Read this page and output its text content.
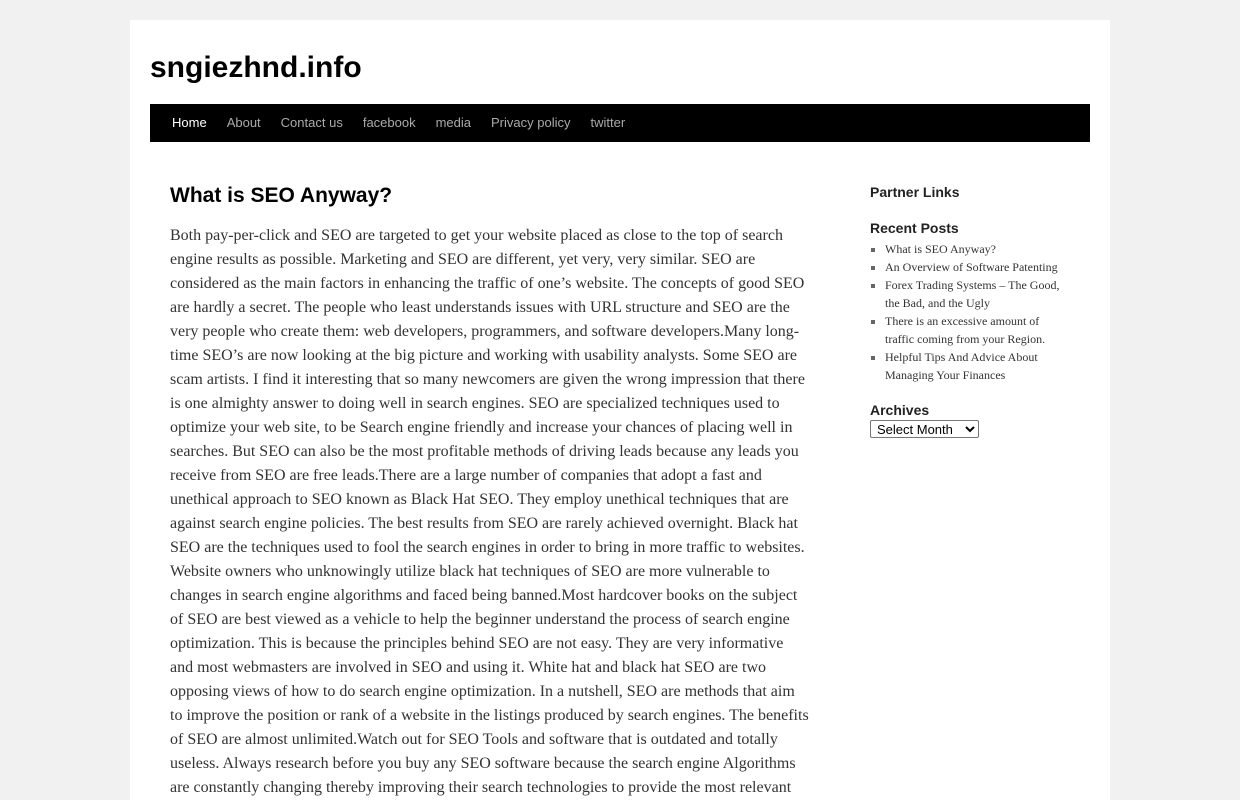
sngiezhnd.info
Home	About	Contact us	facebook	media	Privacy policy	twitter
What is SEO Anyway?

Both pay-per-click and SEO are targeted to get your website placed as close to the top of search engine results as possible. Marketing and SEO are different, yet very, very similar. SEO are considered as the main factors in enhancing the traffic of one’s website. The concepts of good SEO are hardly a secret. The people who least understands issues with URL structure and SEO are the very people who create them: web developers, programmers, and software developers.Many long-time SEO’s are now looking at the big picture and working with usability analysts. Some SEO are scam artists. I find it interesting that so many newcomers are given the wrong impression that there is one almighty answer to doing well in search engines. SEO are specialized techniques used to optimize your web site, to be Search engine friendly and increase your chances of placing well in searches. But SEO can also be the most profitable methods of driving leads because any leads you receive from SEO are free leads.There are a large number of companies that adopt a fast and unethical approach to SEO known as Black Hat SEO. They employ unethical techniques that are against search engine policies. The best results from SEO are rarely achieved overnight. Black hat SEO are the techniques used to fool the search engines in order to bring in more traffic to websites. Website owners who unknowingly utilize black hat techniques of SEO are more vulnerable to changes in search engine algorithms and faced being banned.Most hardcover books on the subject of SEO are best viewed as a vehicle to help the beginner understand the process of search engine optimization. This is because the principles behind SEO are not easy. They are very informative and most webmasters are involved in SEO and using it. White hat and black hat SEO are two opposing views of how to do search engine optimization. In a nutshell, SEO are methods that aim to improve the position or rank of a website in the listings produced by search engines. The benefits of SEO are almost unlimited.Watch out for SEO Tools and software that is outdated and totally useless. Always research before you buy any SEO software because the search engine Algorithms are constantly changing thereby improving their search technologies to provide the most relevant

Partner Links
Recent Posts
▪ What is SEO Anyway?
▪ An Overview of Software Patenting
▪ Forex Trading Systems – The Good, the Bad, and the Ugly
▪ There is an excessive amount of traffic coming from your Region.
▪ Helpful Tips And Advice About Managing Your Finances
Archives
Select Month
